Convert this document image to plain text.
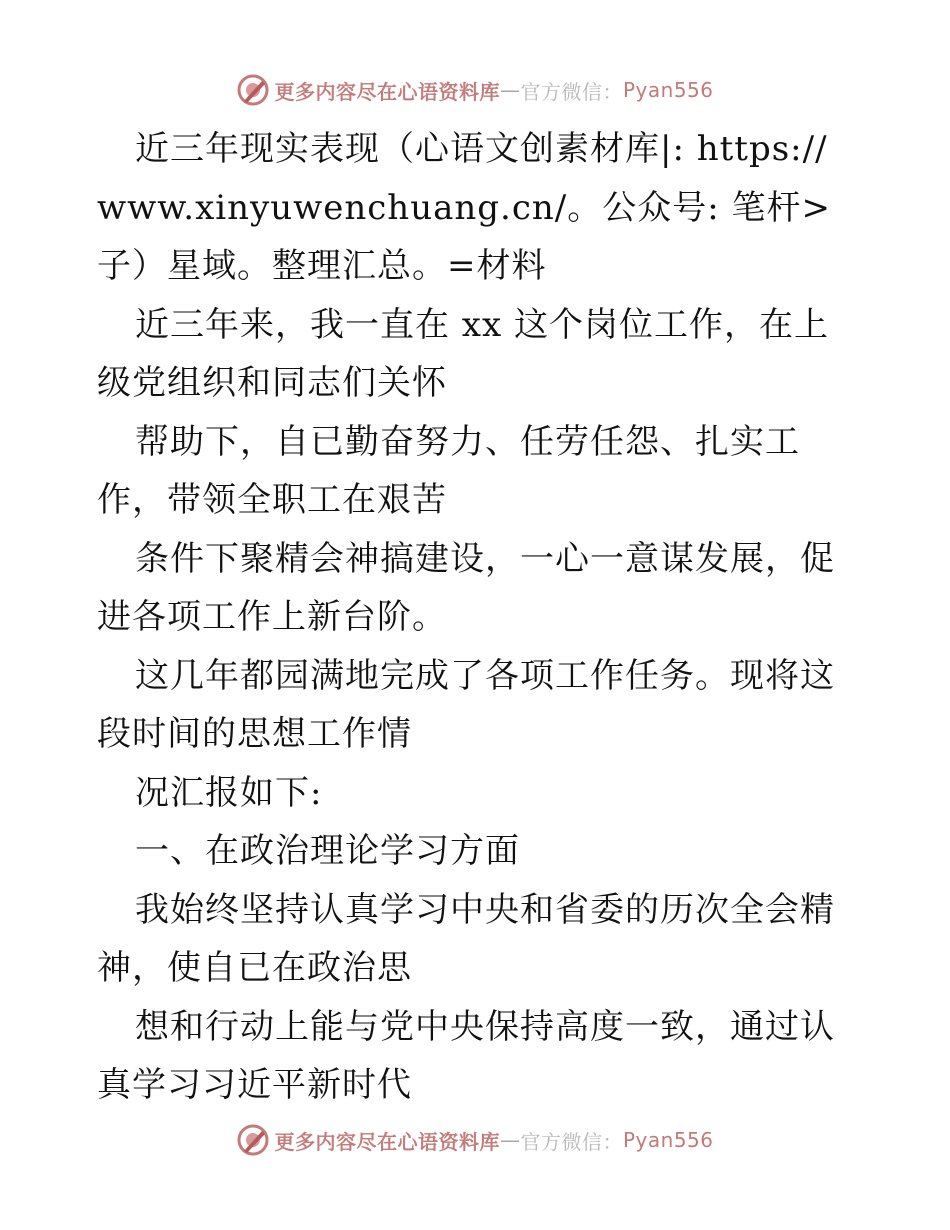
更多内容尽在心语资料库 — 官方微信： Pyan556

近三年现实表现（心语文创素材库|: https://www.xinyuwenchuang.cn/。公众号: 笔杆>子）星域。整理汇总。=材料

近三年来，我一直在 xx 这个岗位工作，在上级党组织和同志们关怀

帮助下，自已勤奋努力、任劳任怨、扎实工作，带领全职工在艰苦

条件下聚精会神搞建设，一心一意谋发展，促进各项工作上新台阶。

这几年都园满地完成了各项工作任务。现将这段时间的思想工作情

况汇报如下:

一、在政治理论学习方面

我始终坚持认真学习中央和省委的历次全会精神，使自已在政治思

想和行动上能与党中央保持高度一致，通过认真学习习近平新时代

更多内容尽在心语资料库 — 官方微信： Pyan556
